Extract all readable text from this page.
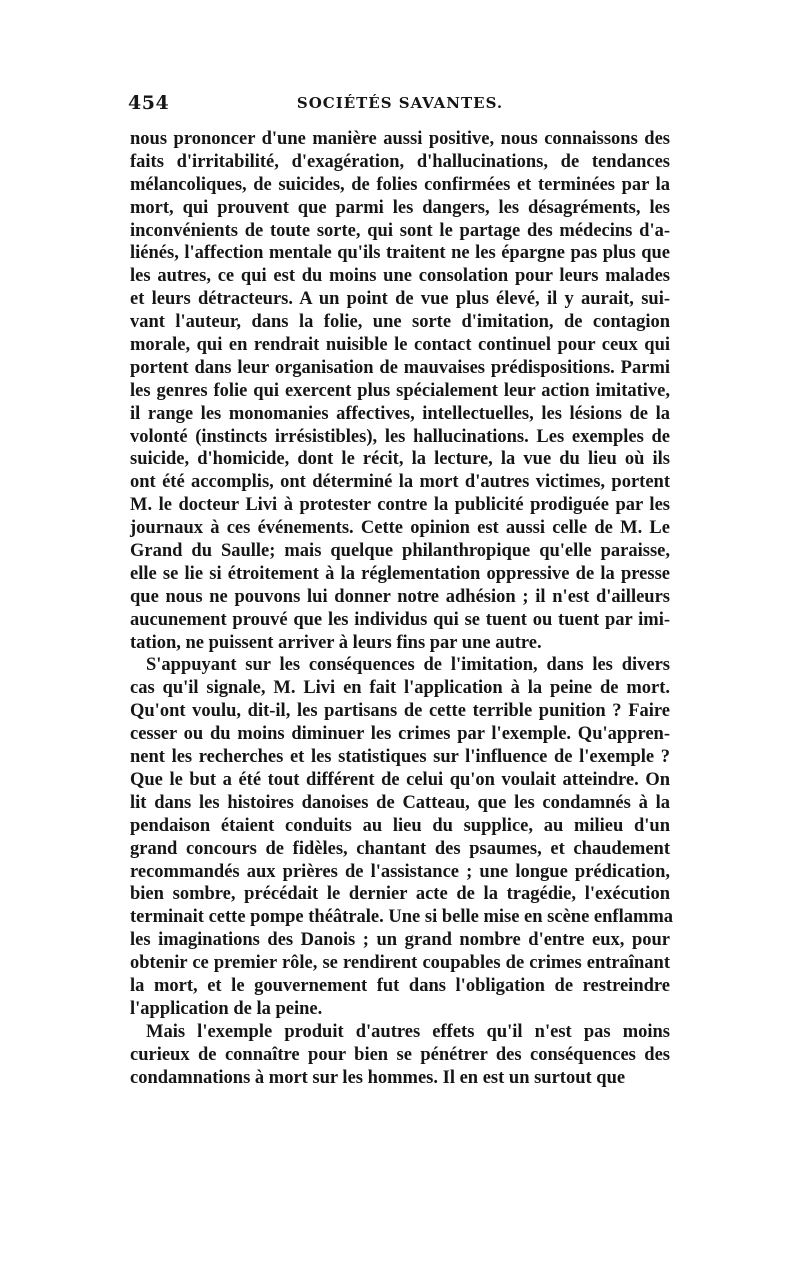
454	SOCIÉTÉS SAVANTES.
nous prononcer d'une manière aussi positive, nous connaissons des
faits d'irritabilité, d'exagération, d'hallucinations, de tendances
mélancoliques, de suicides, de folies confirmées et terminées par la
mort, qui prouvent que parmi les dangers, les désagréments, les
inconvénients de toute sorte, qui sont le partage des médecins d'a-
liénés, l'affection mentale qu'ils traitent ne les épargne pas plus que
les autres, ce qui est du moins une consolation pour leurs malades
et leurs détracteurs. A un point de vue plus élevé, il y aurait, sui-
vant l'auteur, dans la folie, une sorte d'imitation, de contagion
morale, qui en rendrait nuisible le contact continuel pour ceux qui
portent dans leur organisation de mauvaises prédispositions. Parmi
les genres folie qui exercent plus spécialement leur action imitative,
il range les monomanies affectives, intellectuelles, les lésions de la
volonté (instincts irrésistibles), les hallucinations. Les exemples de
suicide, d'homicide, dont le récit, la lecture, la vue du lieu où ils
ont été accomplis, ont déterminé la mort d'autres victimes, portent
M. le docteur Livi à protester contre la publicité prodiguée par les
journaux à ces événements. Cette opinion est aussi celle de M. Le
Grand du Saulle; mais quelque philanthropique qu'elle paraisse,
elle se lie si étroitement à la réglementation oppressive de la presse
que nous ne pouvons lui donner notre adhésion ; il n'est d'ailleurs
aucunement prouvé que les individus qui se tuent ou tuent par imi-
tation, ne puissent arriver à leurs fins par une autre.
S'appuyant sur les conséquences de l'imitation, dans les divers
cas qu'il signale, M. Livi en fait l'application à la peine de mort.
Qu'ont voulu, dit-il, les partisans de cette terrible punition ? Faire
cesser ou du moins diminuer les crimes par l'exemple. Qu'appren-
nent les recherches et les statistiques sur l'influence de l'exemple ?
Que le but a été tout différent de celui qu'on voulait atteindre. On
lit dans les histoires danoises de Catteau, que les condamnés à la
pendaison étaient conduits au lieu du supplice, au milieu d'un
grand concours de fidèles, chantant des psaumes, et chaudement
recommandés aux prières de l'assistance ; une longue prédication,
bien sombre, précédait le dernier acte de la tragédie, l'exécution
terminait cette pompe théâtrale. Une si belle mise en scène enflamma
les imaginations des Danois ; un grand nombre d'entre eux, pour
obtenir ce premier rôle, se rendirent coupables de crimes entraînant
la mort, et le gouvernement fut dans l'obligation de restreindre
l'application de la peine.
Mais l'exemple produit d'autres effets qu'il n'est pas moins
curieux de connaître pour bien se pénétrer des conséquences des
condamnations à mort sur les hommes. Il en est un surtout que
